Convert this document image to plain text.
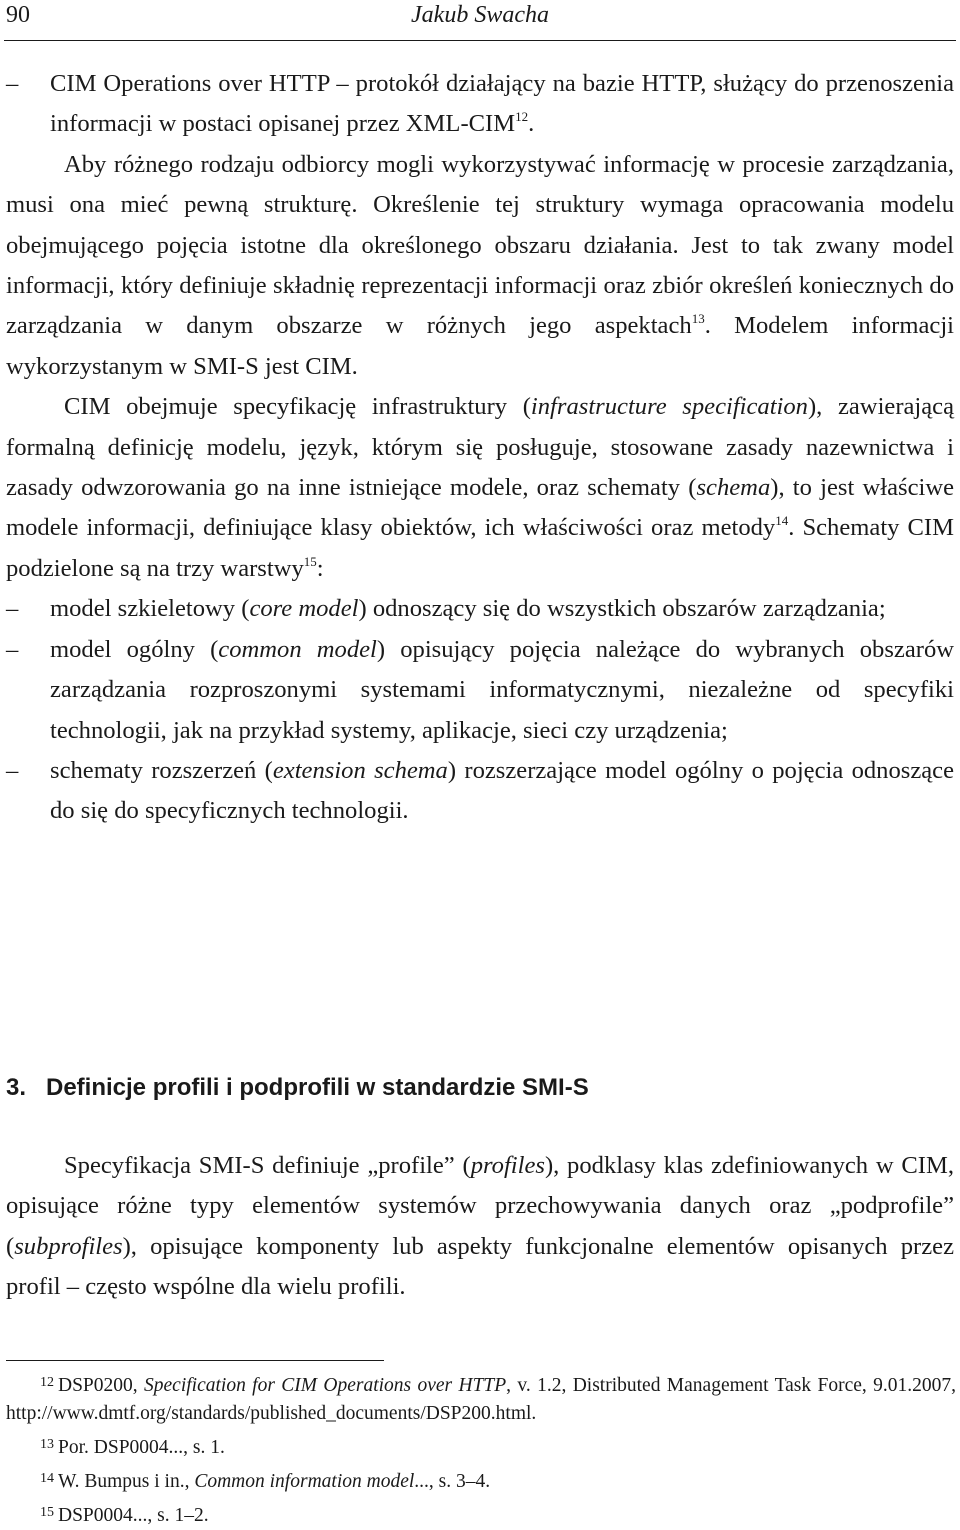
90	Jakub Swacha

– CIM Operations over HTTP – protokół działający na bazie HTTP, służący do przenoszenia informacji w postaci opisanej przez XML-CIM$^{12}$.

Aby różnego rodzaju odbiorcy mogli wykorzystywać informację w procesie zarządzania, musi ona mieć pewną strukturę. Określenie tej struktury wymaga opracowania modelu obejmującego pojęcia istotne dla określonego obszaru działania. Jest to tak zwany model informacji, który definiuje składnię reprezentacji informacji oraz zbiór określeń koniecznych do zarządzania w danym obszarze w różnych jego aspektach$^{13}$. Modelem informacji wykorzystanym w SMI-S jest CIM.

CIM obejmuje specyfikację infrastruktury (infrastructure specification), zawierającą formalną definicję modelu, język, którym się posługuje, stosowane zasady nazewnictwa i zasady odwzorowania go na inne istniejące modele, oraz schematy (schema), to jest właściwe modele informacji, definiujące klasy obiektów, ich właściwości oraz metody$^{14}$. Schematy CIM podzielone są na trzy warstwy$^{15}$:

– model szkieletowy (core model) odnoszący się do wszystkich obszarów zarządzania;

– model ogólny (common model) opisujący pojęcia należące do wybranych obszarów zarządzania rozproszonymi systemami informatycznymi, niezależne od specyfiki technologii, jak na przykład systemy, aplikacje, sieci czy urządzenia;

– schematy rozszerzeń (extension schema) rozszerzające model ogólny o pojęcia odnoszące do się do specyficznych technologii.

3. Definicje profili i podprofili w standardzie SMI-S

Specyfikacja SMI-S definiuje „profile” (profiles), podklasy klas zdefiniowanych w CIM, opisujące różne typy elementów systemów przechowywania danych oraz „podprofile” (subprofiles), opisujące komponenty lub aspekty funkcjonalne elementów opisanych przez profil – często wspólne dla wielu profili.

12 DSP0200, Specification for CIM Operations over HTTP, v. 1.2, Distributed Management Task Force, 9.01.2007, http://www.dmtf.org/standards/published_documents/DSP200.html.
13 Por. DSP0004..., s. 1.
14 W. Bumpus i in., Common information model..., s. 3–4.
15 DSP0004..., s. 1–2.
